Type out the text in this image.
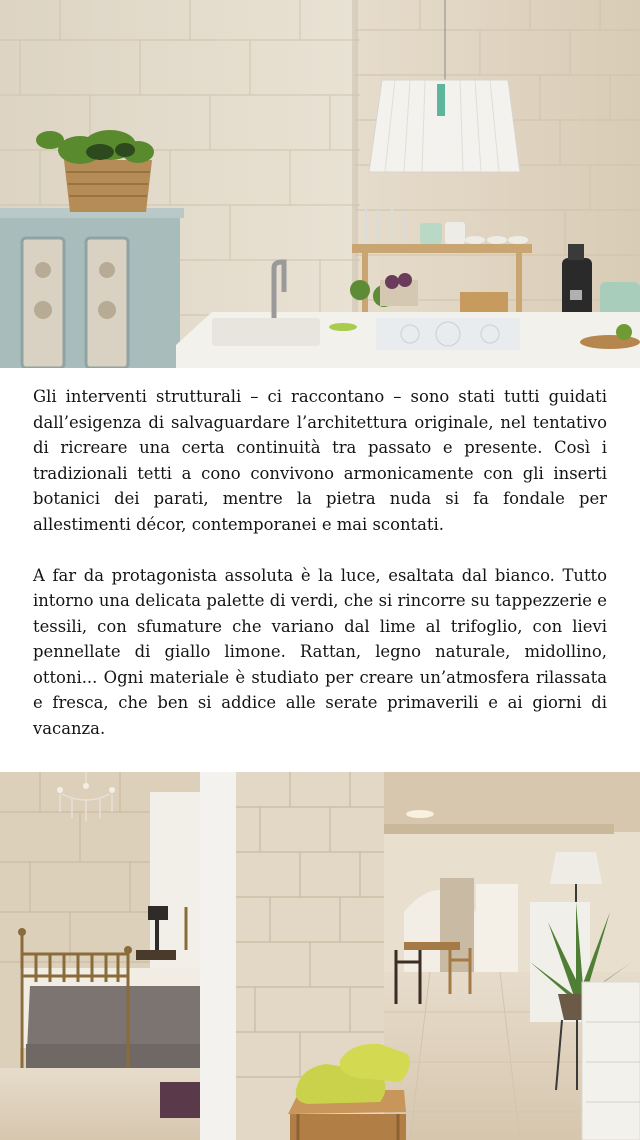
Gli interventi strutturali – ci raccontano – sono stati tutti guidati dall’esigenza di salvaguardare l’architettura originale, nel tentativo di ricreare una certa continuità tra passato e presente. Così i tradizionali tetti a cono convivono armonicamente con gli inserti botanici dei parati, mentre la pietra nuda si fa fondale per allestimenti décor, contemporanei e mai scontati.

A far da protagonista assoluta è la luce, esaltata dal bianco. Tutto intorno una delicata palette di verdi, che si rincorre su tappezzerie e tessili, con sfumature che variano dal lime al trifoglio, con lievi pennellate di giallo limone. Rattan, legno naturale, midollino, ottoni... Ogni materiale è studiato per creare un’atmosfera rilassata e fresca, che ben si addice alle serate primaverili e ai giorni di vacanza.
